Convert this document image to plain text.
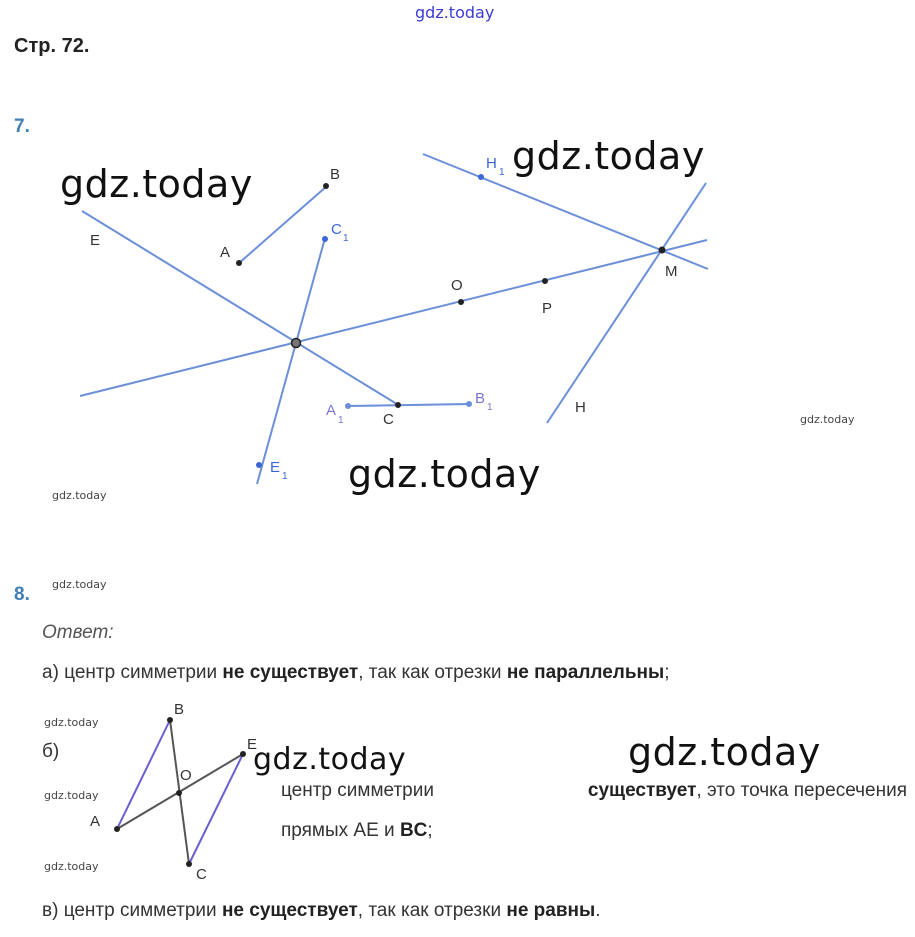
gdz.today
Стр. 72.
7.
E
A
B
C
1
O
P
M
H
1
H
A
1	C
B
1
E
1
gdz.today
gdz.today
gdz.today
gdz.today
gdz.today
8. gdz.today
Ответ:
а) центр симметрии не существует, так как отрезки не параллельны;
gdz.today
gdz.today
gdz.today
б)
A
B
C
E
O gdz.today	gdz.today
центр симметрии	существует, это точка пересечения
прямых AE и BC;
в) центр симметрии не существует, так как отрезки не равны.
